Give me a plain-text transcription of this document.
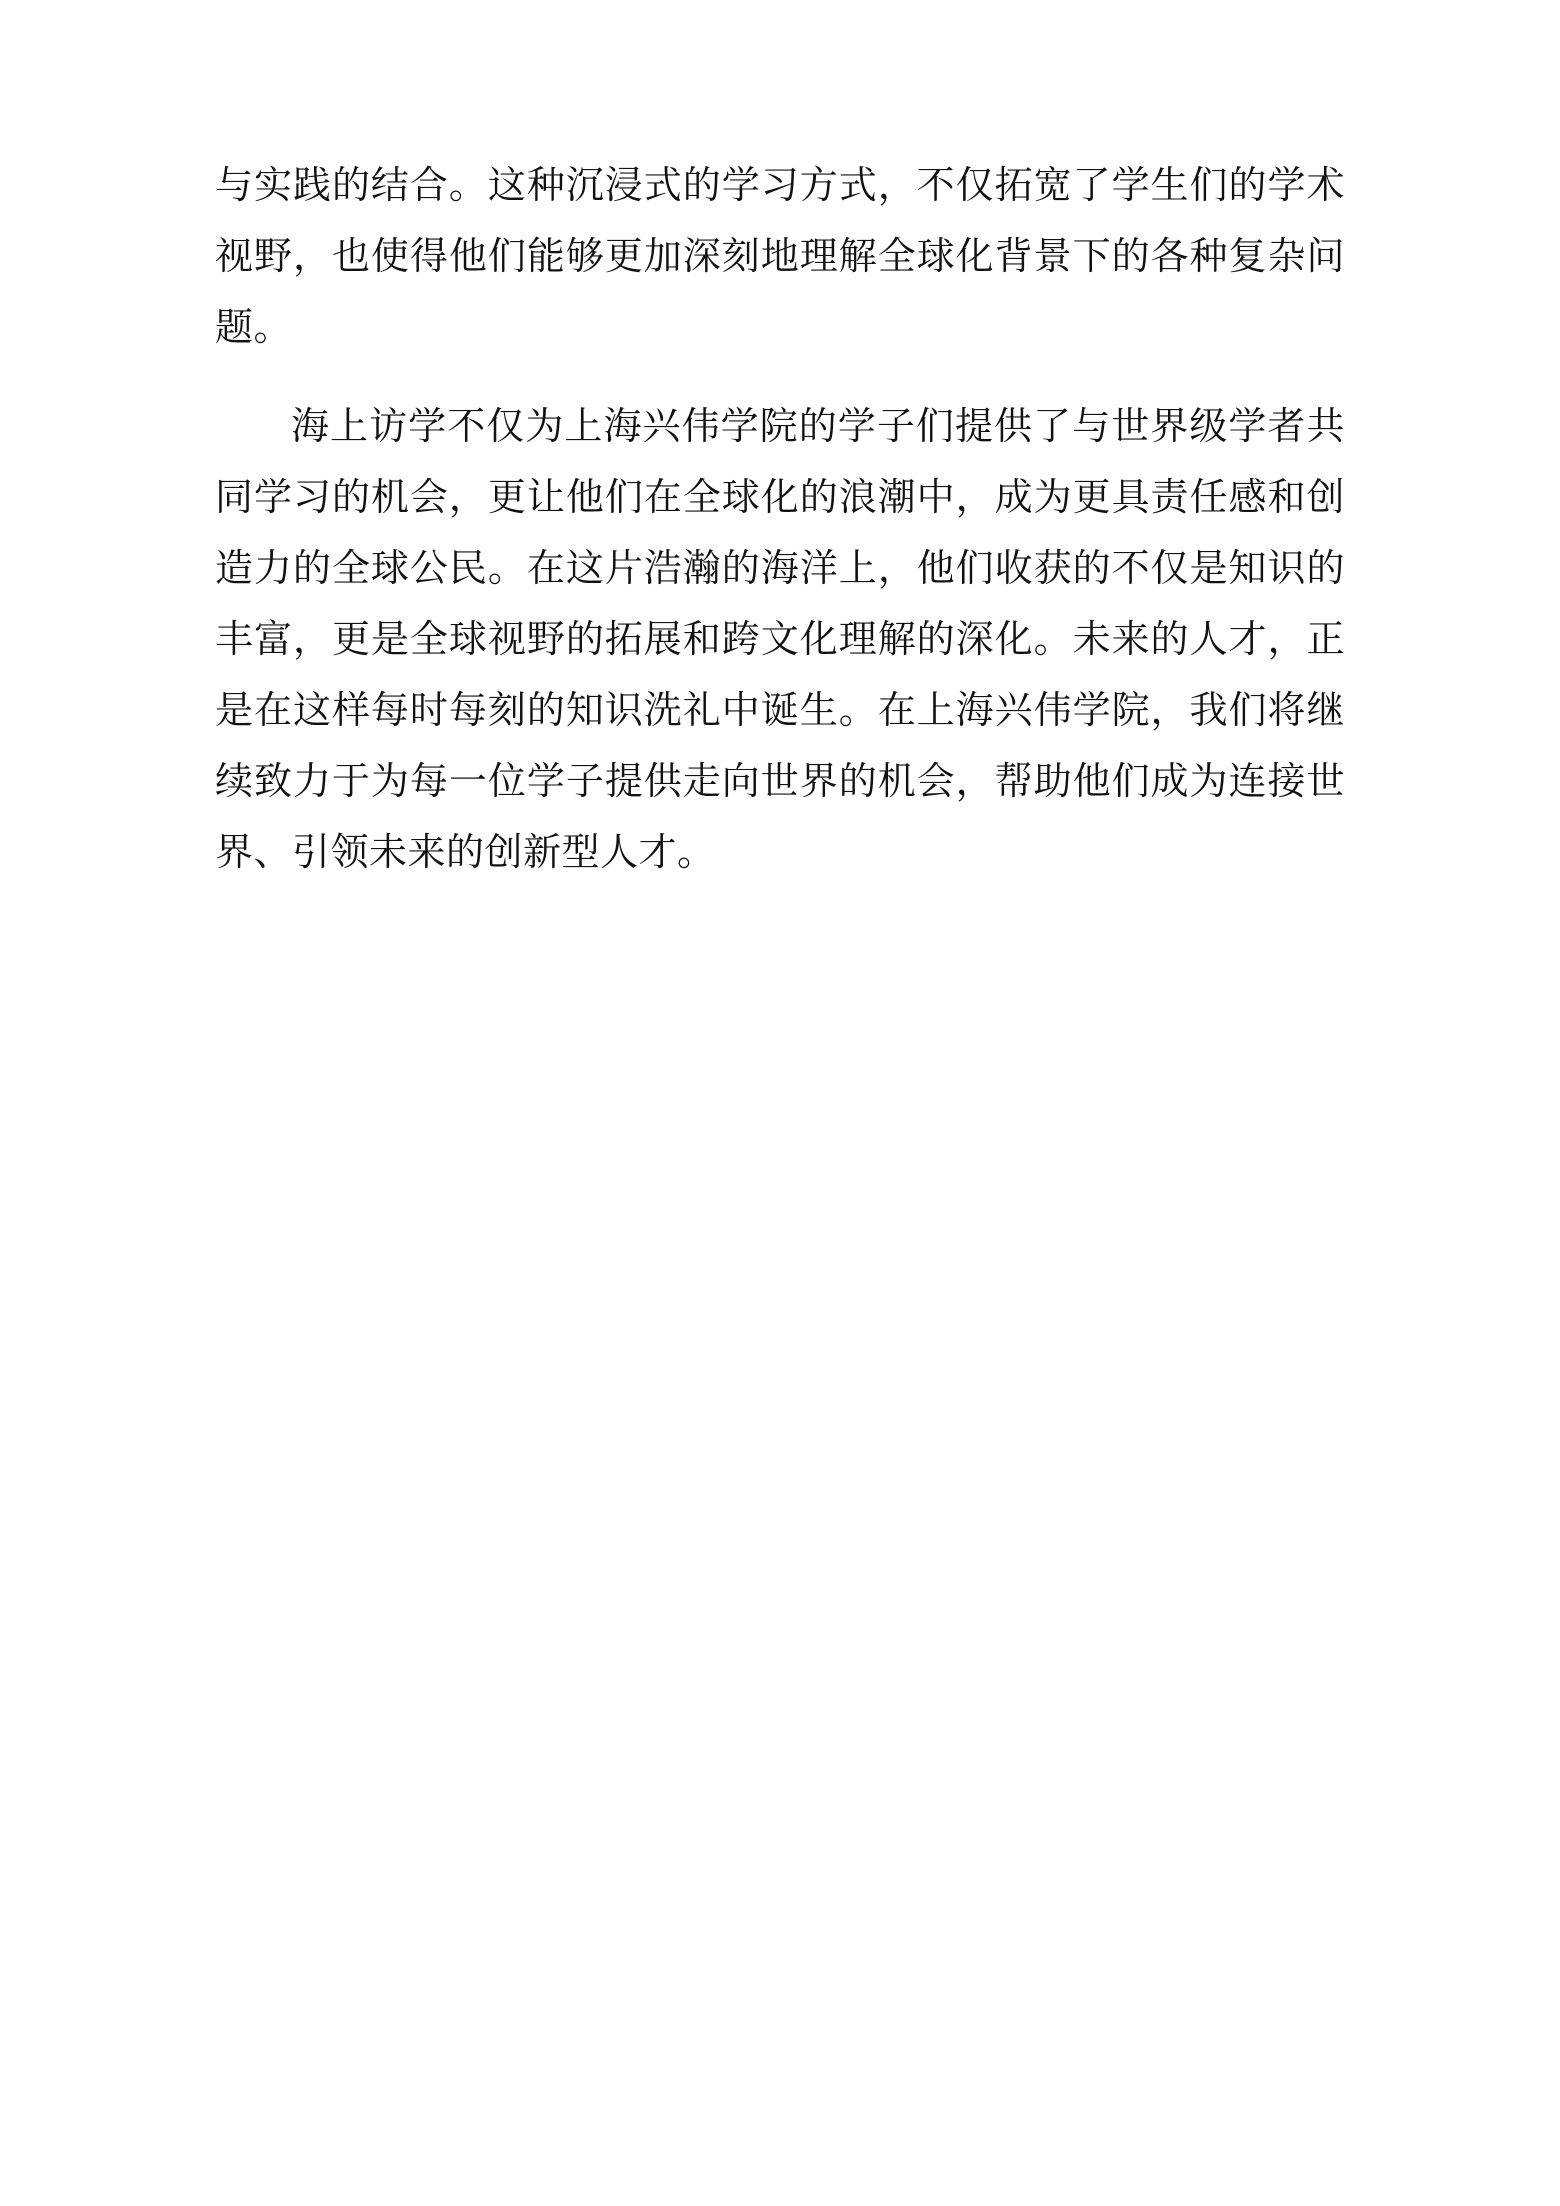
与实践的结合。这种沉浸式的学习方式，不仅拓宽了学生们的学术视野，也使得他们能够更加深刻地理解全球化背景下的各种复杂问题。

海上访学不仅为上海兴伟学院的学子们提供了与世界级学者共同学习的机会，更让他们在全球化的浪潮中，成为更具责任感和创造力的全球公民。在这片浩瀚的海洋上，他们收获的不仅是知识的丰富，更是全球视野的拓展和跨文化理解的深化。未来的人才，正是在这样每时每刻的知识洗礼中诞生。在上海兴伟学院，我们将继续致力于为每一位学子提供走向世界的机会，帮助他们成为连接世界、引领未来的创新型人才。
